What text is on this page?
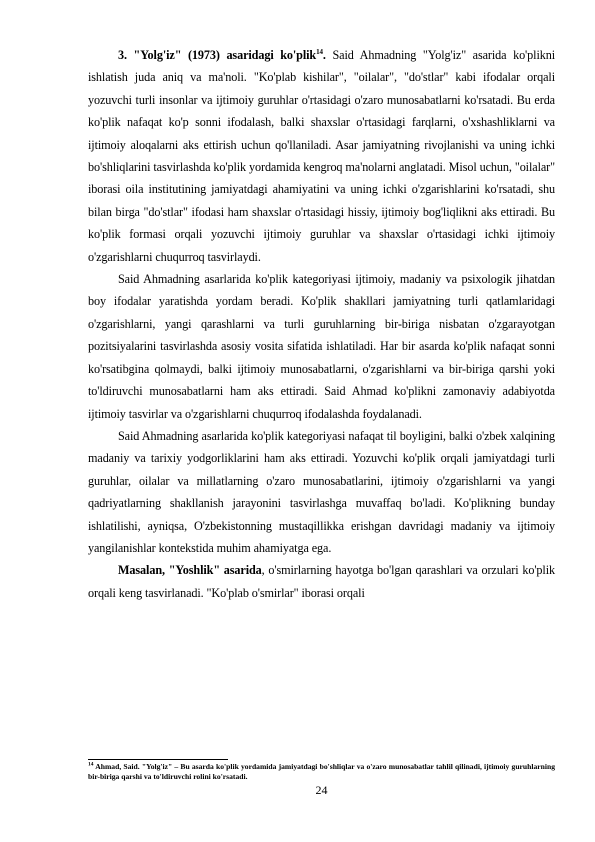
3. "Yolg'iz" (1973) asaridagi ko'plik$^{14}$. Said Ahmadning "Yolg'iz" asarida ko'plikni ishlatish juda aniq va ma'noli. "Ko'plab kishilar", "oilalar", "do'stlar" kabi ifodalar orqali yozuvchi turli insonlar va ijtimoiy guruhlar o'rtasidagi o'zaro munosabatlarni ko'rsatadi. Bu erda ko'plik nafaqat ko'p sonni ifodalash, balki shaxslar o'rtasidagi farqlarni, o'xshashliklarni va ijtimoiy aloqalarni aks ettirish uchun qo'llaniladi. Asar jamiyatning rivojlanishi va uning ichki bo'shliqlarini tasvirlashda ko'plik yordamida kengroq ma'nolarni anglatadi. Misol uchun, "oilalar" iborasi oila institutining jamiyatdagi ahamiyatini va uning ichki o'zgarishlarini ko'rsatadi, shu bilan birga "do'stlar" ifodasi ham shaxslar o'rtasidagi hissiy, ijtimoiy bog'liqlikni aks ettiradi. Bu ko'plik formasi orqali yozuvchi ijtimoiy guruhlar va shaxslar o'rtasidagi ichki ijtimoiy o'zgarishlarni chuqurroq tasvirlaydi.

Said Ahmadning asarlarida ko'plik kategoriyasi ijtimoiy, madaniy va psixologik jihatdan boy ifodalar yaratishda yordam beradi. Ko'plik shakllari jamiyatning turli qatlamlaridagi o'zgarishlarni, yangi qarashlarni va turli guruhlarning bir-biriga nisbatan o'zgarayotgan pozitsiyalarini tasvirlashda asosiy vosita sifatida ishlatiladi. Har bir asarda ko'plik nafaqat sonni ko'rsatibgina qolmaydi, balki ijtimoiy munosabatlarni, o'zgarishlarni va bir-biriga qarshi yoki to'ldiruvchi munosabatlarni ham aks ettiradi. Said Ahmad ko'plikni zamonaviy adabiyotda ijtimoiy tasvirlar va o'zgarishlarni chuqurroq ifodalashda foydalanadi.

Said Ahmadning asarlarida ko'plik kategoriyasi nafaqat til boyligini, balki o'zbek xalqining madaniy va tarixiy yodgorliklarini ham aks ettiradi. Yozuvchi ko'plik orqali jamiyatdagi turli guruhlar, oilalar va millatlarning o'zaro munosabatlarini, ijtimoiy o'zgarishlarni va yangi qadriyatlarning shakllanish jarayonini tasvirlashga muvaffaq bo'ladi. Ko'plikning bunday ishlatilishi, ayniqsa, O'zbekistonning mustaqillikka erishgan davridagi madaniy va ijtimoiy yangilanishlar kontekstida muhim ahamiyatga ega.

Masalan, "Yoshlik" asarida, o'smirlarning hayotga bo'lgan qarashlari va orzulari ko'plik orqali keng tasvirlanadi. "Ko'plab o'smirlar" iborasi orqali

$^{14}$ Ahmad, Said. "Yolg'iz" – Bu asarda ko'plik yordamida jamiyatdagi bo'shliqlar va o'zaro munosabatlar tahlil qilinadi, ijtimoiy guruhlarning bir-biriga qarshi va to'ldiruvchi rolini ko'rsatadi.

24
